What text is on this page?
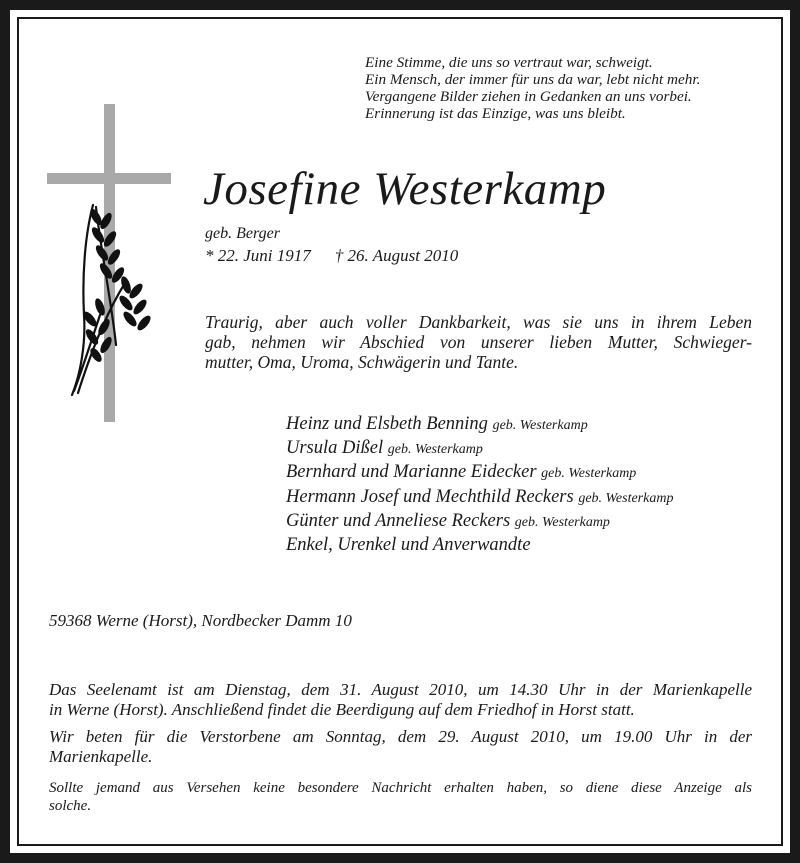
Eine Stimme, die uns so vertraut war, schweigt.
Ein Mensch, der immer für uns da war, lebt nicht mehr.
Vergangene Bilder ziehen in Gedanken an uns vorbei.
Erinnerung ist das Einzige, was uns bleibt.
Josefine Westerkamp
geb. Berger
* 22. Juni 1917 † 26. August 2010
Traurig, aber auch voller Dankbarkeit, was sie uns in ihrem Leben
gab, nehmen wir Abschied von unserer lieben Mutter, Schwieger-
mutter, Oma, Uroma, Schwägerin und Tante.
Heinz und Elsbeth Benning geb. Westerkamp
Ursula Dißel geb. Westerkamp
Bernhard und Marianne Eidecker geb. Westerkamp
Hermann Josef und Mechthild Reckers geb. Westerkamp
Günter und Anneliese Reckers geb. Westerkamp
Enkel, Urenkel und Anverwandte
59368 Werne (Horst), Nordbecker Damm 10
Das Seelenamt ist am Dienstag, dem 31. August 2010, um 14.30 Uhr in der Marienkapelle
in Werne (Horst). Anschließend findet die Beerdigung auf dem Friedhof in Horst statt.
Wir beten für die Verstorbene am Sonntag, dem 29. August 2010, um 19.00 Uhr in der
Marienkapelle.
Sollte jemand aus Versehen keine besondere Nachricht erhalten haben, so diene diese Anzeige als
solche.
